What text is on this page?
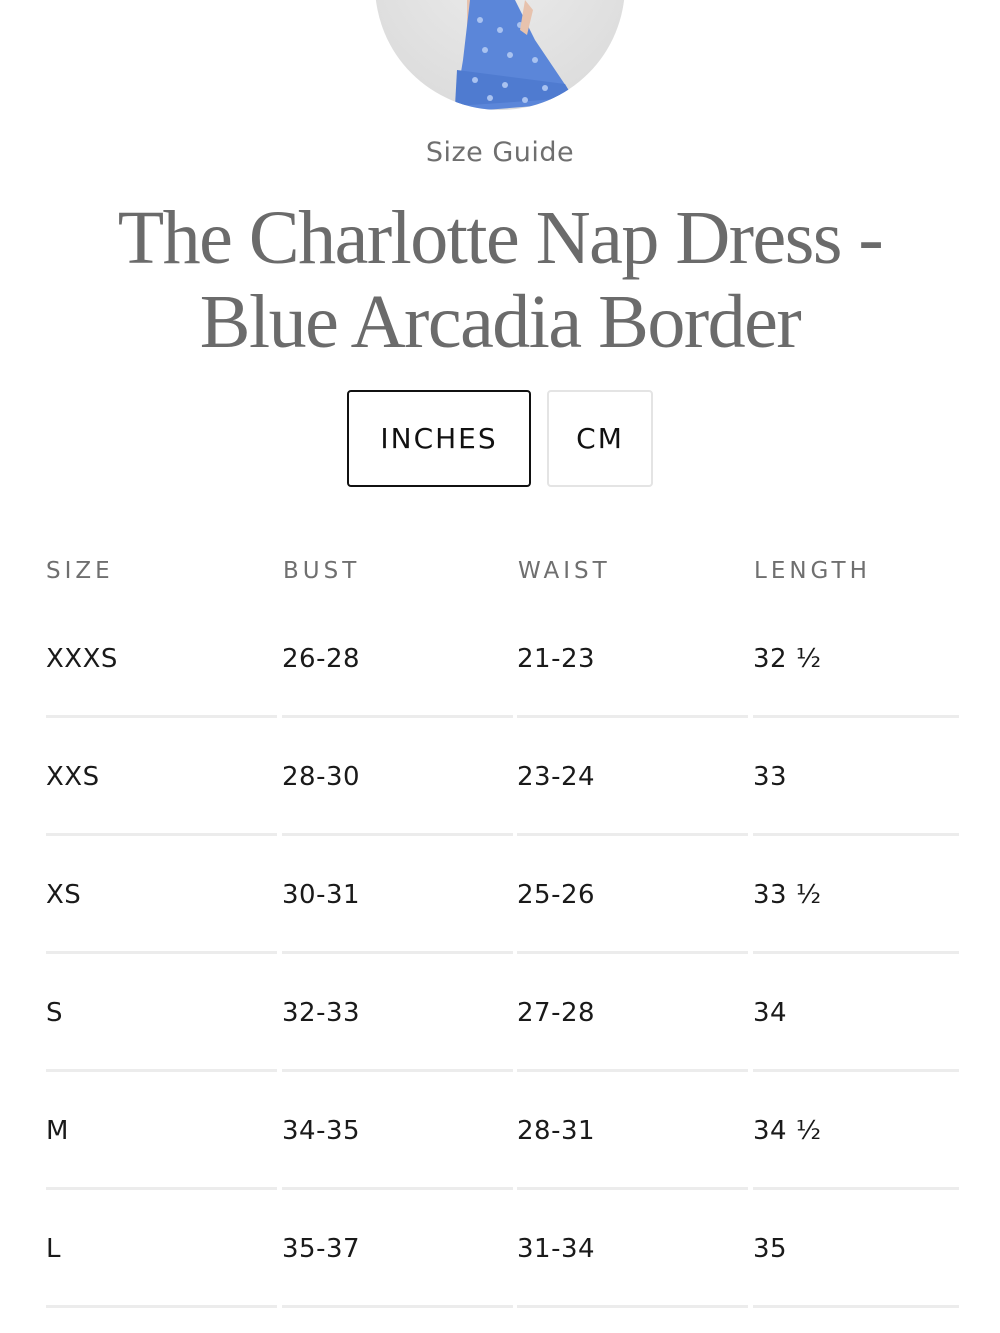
Size Guide
The Charlotte Nap Dress - Blue Arcadia Border
INCHES	CM
SIZE	BUST	WAIST	LENGTH
XXXS	26-28	21-23	32 ½
XXS	28-30	23-24	33
XS	30-31	25-26	33 ½
S	32-33	27-28	34
M	34-35	28-31	34 ½
L	35-37	31-34	35
